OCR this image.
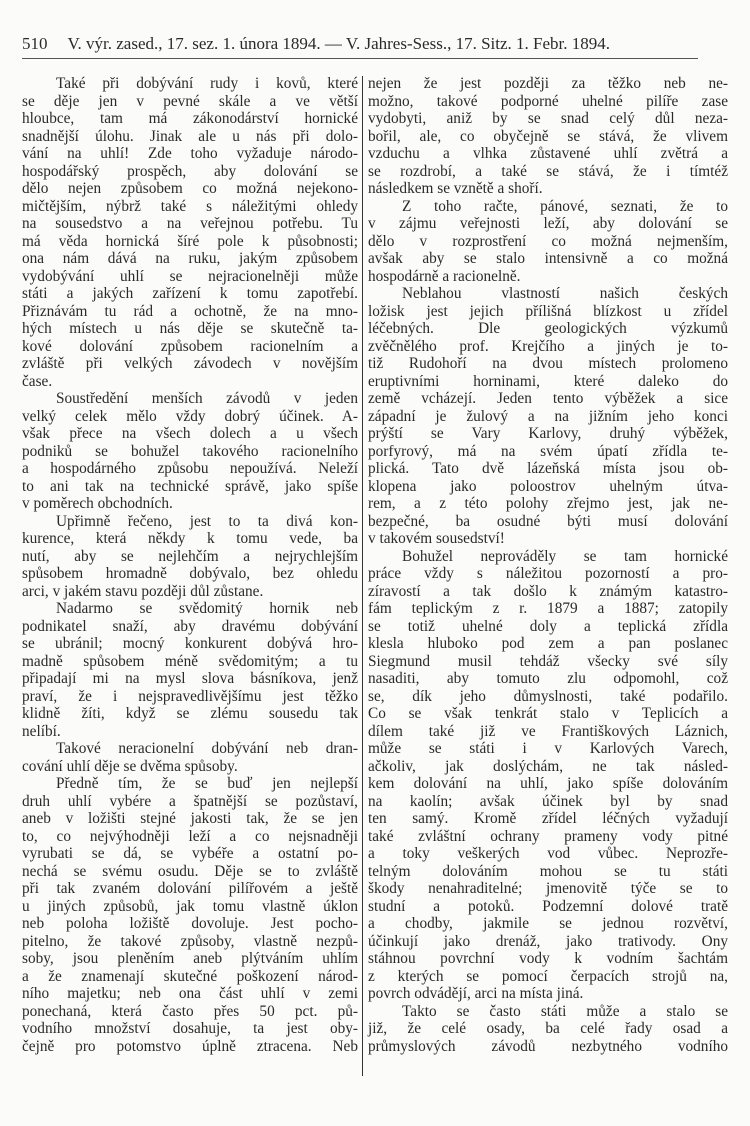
510 V. výr. zased., 17. sez. 1. února 1894. — V. Jahres-Sess., 17. Sitz. 1. Febr. 1894.
Také při dobývání rudy i kovů, které
se děje jen v pevné skále a ve větší
hloubce, tam má zákonodárství hornické
snadnější úlohu. Jinak ale u nás při dolo-
vání na uhlí! Zde toho vyžaduje národo-
hospodářský prospěch, aby dolování se
dělo nejen způsobem co možná nejekono-
mičtějším, nýbrž také s náležitými ohledy
na sousedstvo a na veřejnou potřebu. Tu
má věda hornická šíré pole k působnosti;
ona nám dává na ruku, jakým způsobem
vydobývání uhlí se nejracionelněji může
státi a jakých zařízení k tomu zapotřebí.
Přiznávám tu rád a ochotně, že na mno-
hých místech u nás děje se skutečně ta-
kové dolování způsobem racionelním a
zvláště při velkých závodech v novějším
čase.
Soustředění menších závodů v jeden
velký celek mělo vždy dobrý účinek. A-
však přece na všech dolech a u všech
podniků se bohužel takového racionelního
a hospodárného způsobu nepoužívá. Neleží
to ani tak na technické správě, jako spíše
v poměrech obchodních.
Upřimně řečeno, jest to ta divá kon-
kurence, která někdy k tomu vede, ba
nutí, aby se nejlehčím a nejrychlejším
spůsobem hromadně dobývalo, bez ohledu
arci, v jakém stavu později důl zůstane.
Nadarmo se svědomitý hornik neb
podnikatel snaží, aby dravému dobývání
se ubránil; mocný konkurent dobývá hro-
madně spůsobem méně svědomitým; a tu
připadají mi na mysl slova básníkova, jenž
praví, že i nejspravedlivějšímu jest těžko
klidně žíti, když se zlému sousedu tak
nelíbí.
Takové neracionelní dobývání neb dran-
cování uhlí děje se dvěma spůsoby.
Předně tím, že se buď jen nejlepší
druh uhlí vybére a špatnější se pozůstaví,
aneb v ložišti stejné jakosti tak, že se jen
to, co nejvýhodněji leží a co nejsnadněji
vyrubati se dá, se vybéře a ostatní po-
nechá se svému osudu. Děje se to zvláště
při tak zvaném dolování pilířovém a ještě
u jiných způsobů, jak tomu vlastně úklon
neb poloha ložiště dovoluje. Jest pocho-
pitelno, že takové způsoby, vlastně nezpů-
soby, jsou pleněním aneb plýtváním uhlím
a že znamenají skutečné poškození národ-
ního majetku; neb ona část uhlí v zemi
ponechaná, která často přes 50 pct. pů-
vodního množství dosahuje, ta jest oby-
čejně pro potomstvo úplně ztracena. Neb
nejen že jest později za těžko neb ne-
možno, takové podporné uhelné pilíře zase
vydobyti, aniž by se snad celý důl neza-
bořil, ale, co obyčejně se stává, že vlivem
vzduchu a vlhka zůstavené uhlí zvětrá a
se rozdrobí, a také se stává, že i tímtéž
následkem se vznětě a shoří.
Z toho račte, pánové, seznati, že to
v zájmu veřejnosti leží, aby dolování se
dělo v rozprostření co možná nejmenším,
avšak aby se stalo intensivně a co možná
hospodárně a racionelně.
Neblahou vlastností našich českých
ložisk jest jejich přílišná blízkost u zřídel
léčebných. Dle geologických výzkumů
zvěčnělého prof. Krejčího a jiných je to-
tiž Rudohoří na dvou místech prolomeno
eruptivními horninami, které daleko do
země vcházejí. Jeden tento výběžek a sice
západní je žulový a na jižním jeho konci
prýští se Vary Karlovy, druhý výběžek,
porfyrový, má na svém úpatí zřídla te-
plická. Tato dvě lázeňská místa jsou ob-
klopena jako poloostrov uhelným útva-
rem, a z této polohy zřejmo jest, jak ne-
bezpečné, ba osudné býti musí dolování
v takovém sousedství!
Bohužel neprováděly se tam hornické
práce vždy s náležitou pozorností a pro-
zíravostí a tak došlo k známým katastro-
fám teplickým z r. 1879 a 1887; zatopily
se totiž uhelné doly a teplická zřídla
klesla hluboko pod zem a pan poslanec
Siegmund musil tehdáž všecky své síly
nasaditi, aby tomuto zlu odpomohl, což
se, dík jeho důmyslnosti, také podařilo.
Co se však tenkrát stalo v Teplicích a
dílem také již ve Františkových Láznich,
může se státi i v Karlových Varech,
ačkoliv, jak doslýchám, ne tak násled-
kem dolování na uhlí, jako spíše dolováním
na kaolín; avšak účinek byl by snad
ten samý. Kromě zřídel léčných vyžadují
také zvláštní ochrany prameny vody pitné
a toky veškerých vod vůbec. Neprozře-
telným dolováním mohou se tu státi
škody nenahraditelné; jmenovitě týče se to
studní a potoků. Podzemní dolové tratě
a chodby, jakmile se jednou rozvětví,
účinkují jako drenáž, jako trativody. Ony
stáhnou povrchní vody k vodním šachtám
z kterých se pomocí čerpacích strojů na,
povrch odvádějí, arci na místa jiná.
Takto se často státi může a stalo se
již, že celé osady, ba celé řady osad a
průmyslových závodů nezbytného vodního
